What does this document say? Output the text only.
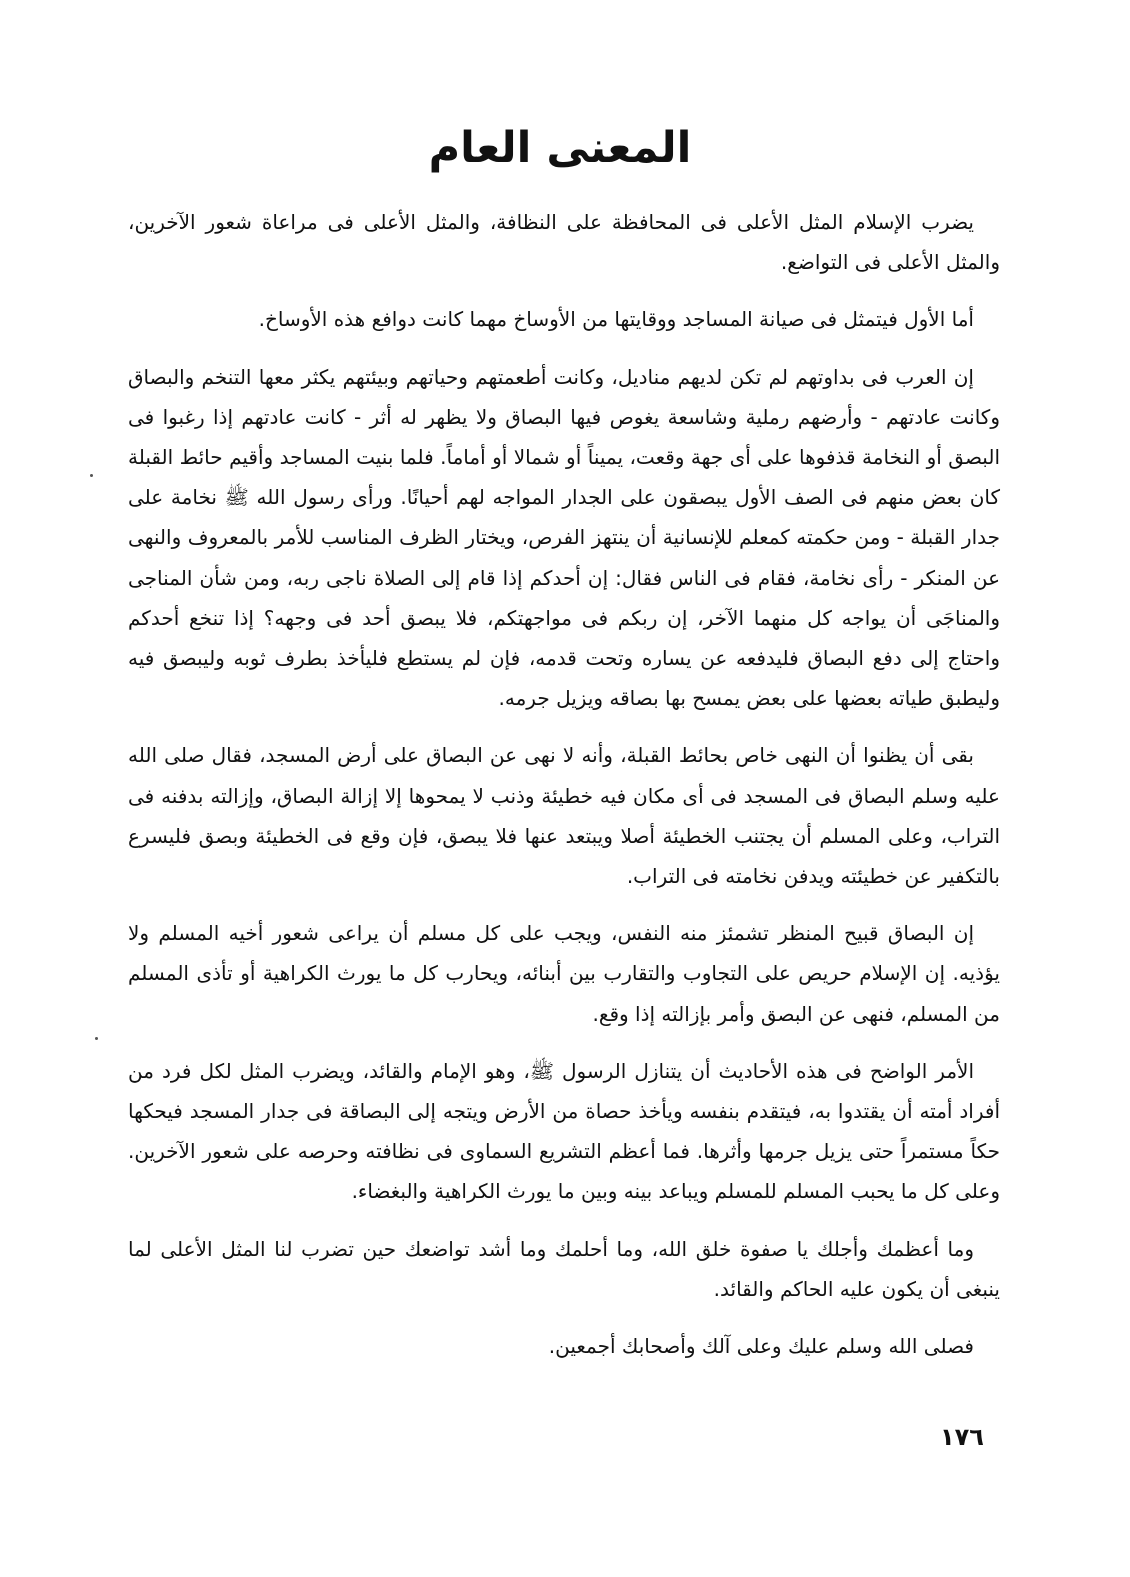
المعنى العام

يضرب الإسلام المثل الأعلى فى المحافظة على النظافة، والمثل الأعلى فى مراعاة شعور الآخرين، والمثل الأعلى فى التواضع.

أما الأول فيتمثل فى صيانة المساجد ووقايتها من الأوساخ مهما كانت دوافع هذه الأوساخ.

إن العرب فى بداوتهم لم تكن لديهم مناديل، وكانت أطعمتهم وحياتهم وبيئتهم يكثر معها التنخم والبصاق وكانت عادتهم - وأرضهم رملية وشاسعة يغوص فيها البصاق ولا يظهر له أثر - كانت عادتهم إذا رغبوا فى البصق أو النخامة قذفوها على أى جهة وقعت، يميناً أو شمالا أو أماماً. فلما بنيت المساجد وأقيم حائط القبلة كان بعض منهم فى الصف الأول يبصقون على الجدار المواجه لهم أحيانًا. ورأى رسول الله ﷺ نخامة على جدار القبلة - ومن حكمته كمعلم للإنسانية أن ينتهز الفرص، ويختار الظرف المناسب للأمر بالمعروف والنهى عن المنكر - رأى نخامة، فقام فى الناس فقال: إن أحدكم إذا قام إلى الصلاة ناجى ربه، ومن شأن المناجى والمناجَى أن يواجه كل منهما الآخر، إن ربكم فى مواجهتكم، فلا يبصق أحد فى وجهه؟ إذا تنخع أحدكم واحتاج إلى دفع البصاق فليدفعه عن يساره وتحت قدمه، فإن لم يستطع فليأخذ بطرف ثوبه وليبصق فيه وليطبق طياته بعضها على بعض يمسح بها بصاقه ويزيل جرمه.

بقى أن يظنوا أن النهى خاص بحائط القبلة، وأنه لا نهى عن البصاق على أرض المسجد، فقال صلى الله عليه وسلم البصاق فى المسجد فى أى مكان فيه خطيئة وذنب لا يمحوها إلا إزالة البصاق، وإزالته بدفنه فى التراب، وعلى المسلم أن يجتنب الخطيئة أصلا ويبتعد عنها فلا يبصق، فإن وقع فى الخطيئة وبصق فليسرع بالتكفير عن خطيئته ويدفن نخامته فى التراب.

إن البصاق قبيح المنظر تشمئز منه النفس، ويجب على كل مسلم أن يراعى شعور أخيه المسلم ولا يؤذيه. إن الإسلام حريص على التجاوب والتقارب بين أبنائه، ويحارب كل ما يورث الكراهية أو تأذى المسلم من المسلم، فنهى عن البصق وأمر بإزالته إذا وقع.

الأمر الواضح فى هذه الأحاديث أن يتنازل الرسول ﷺ، وهو الإمام والقائد، ويضرب المثل لكل فرد من أفراد أمته أن يقتدوا به، فيتقدم بنفسه ويأخذ حصاة من الأرض ويتجه إلى البصاقة فى جدار المسجد فيحكها حكاً مستمراً حتى يزيل جرمها وأثرها. فما أعظم التشريع السماوى فى نظافته وحرصه على شعور الآخرين. وعلى كل ما يحبب المسلم للمسلم ويباعد بينه وبين ما يورث الكراهية والبغضاء.

وما أعظمك وأجلك يا صفوة خلق الله، وما أحلمك وما أشد تواضعك حين تضرب لنا المثل الأعلى لما ينبغى أن يكون عليه الحاكم والقائد.

فصلى الله وسلم عليك وعلى آلك وأصحابك أجمعين.

١٧٦
